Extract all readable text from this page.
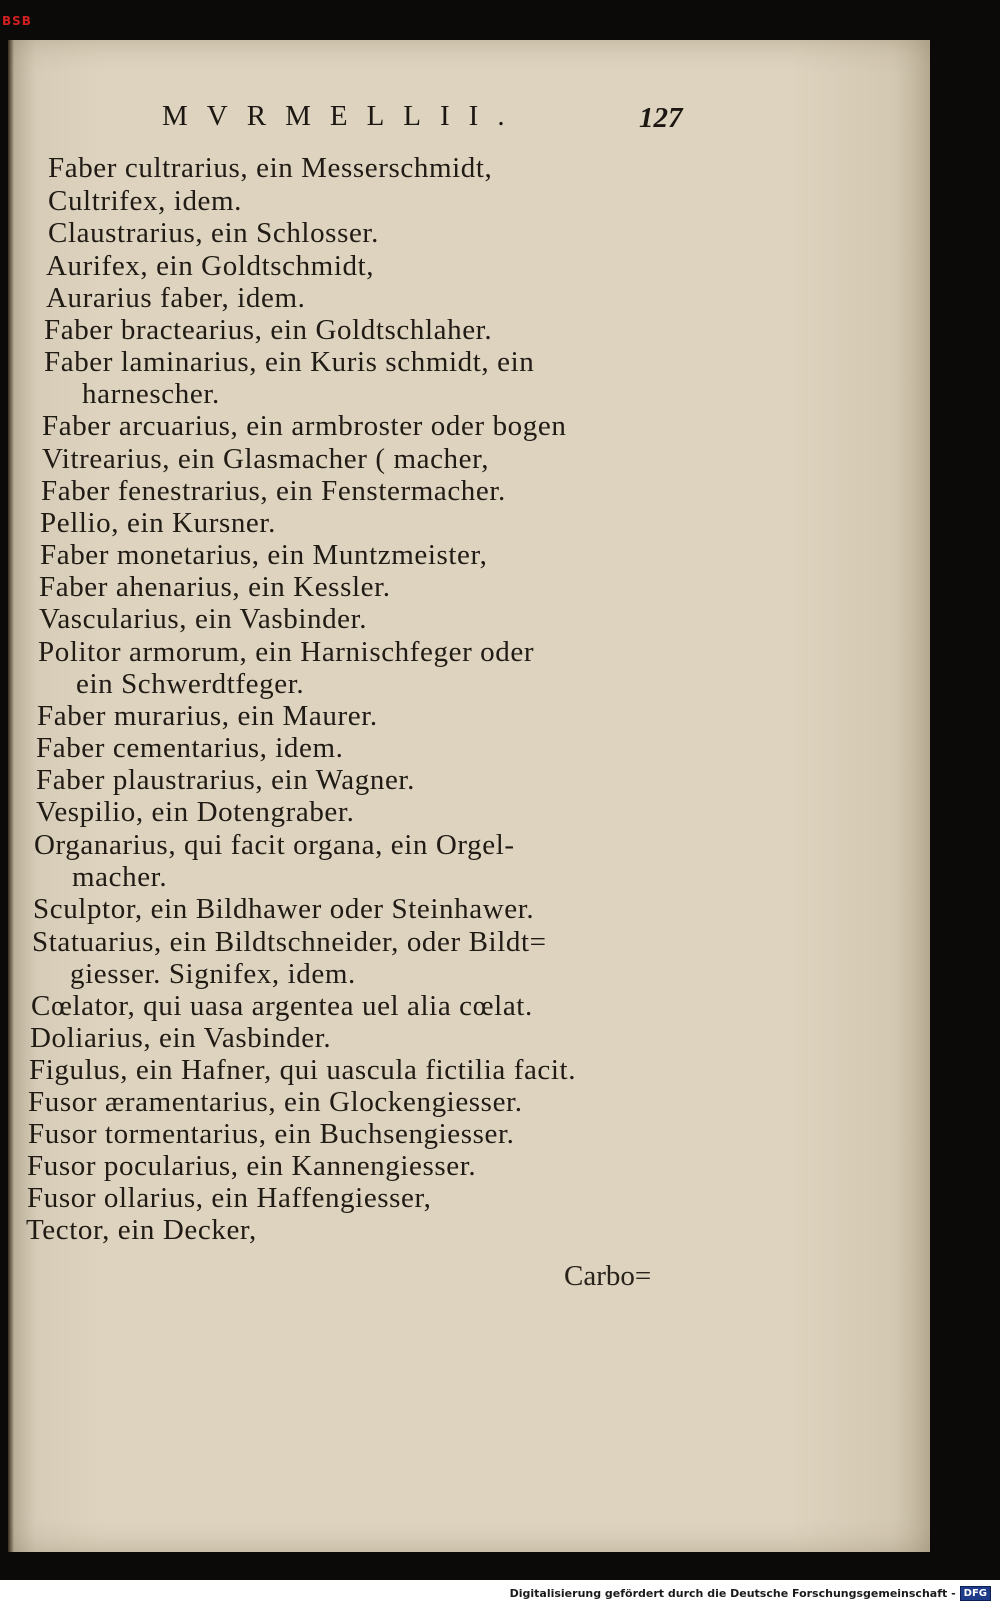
BSB
MVRMELLII.	127
Faber cultrarius, ein Messerschmidt,
Cultrifex, idem.
Claustrarius, ein Schlosser.
Aurifex, ein Goldtschmidt,
Aurarius faber, idem.
Faber bractearius, ein Goldtschlaher.
Faber laminarius, ein Kuris schmidt, ein
harnescher.
Faber arcuarius, ein armbroster oder bogen
Vitrearius, ein Glasmacher ( macher,
Faber fenestrarius, ein Fenstermacher.
Pellio, ein Kursner.
Faber monetarius, ein Muntzmeister,
Faber ahenarius, ein Kessler.
Vascularius, ein Vasbinder.
Politor armorum, ein Harnischfeger oder
ein Schwerdtfeger.
Faber murarius, ein Maurer.
Faber cementarius, idem.
Faber plaustrarius, ein Wagner.
Vespilio, ein Dotengraber.
Organarius, qui facit organa, ein Orgel-
macher.
Sculptor, ein Bildhawer oder Steinhawer.
Statuarius, ein Bildtschneider, oder Bildt=
giesser. Signifex, idem.
Cœlator, qui uasa argentea uel alia cœlat.
Doliarius, ein Vasbinder.
Figulus, ein Hafner, qui uascula fictilia facit.
Fusor æramentarius, ein Glockengiesser.
Fusor tormentarius, ein Buchsengiesser.
Fusor pocularius, ein Kannengiesser.
Fusor ollarius, ein Haffengiesser,
Tector, ein Decker,
Carbo=
Digitalisierung gefördert durch die Deutsche Forschungsgemeinschaft - DFG
